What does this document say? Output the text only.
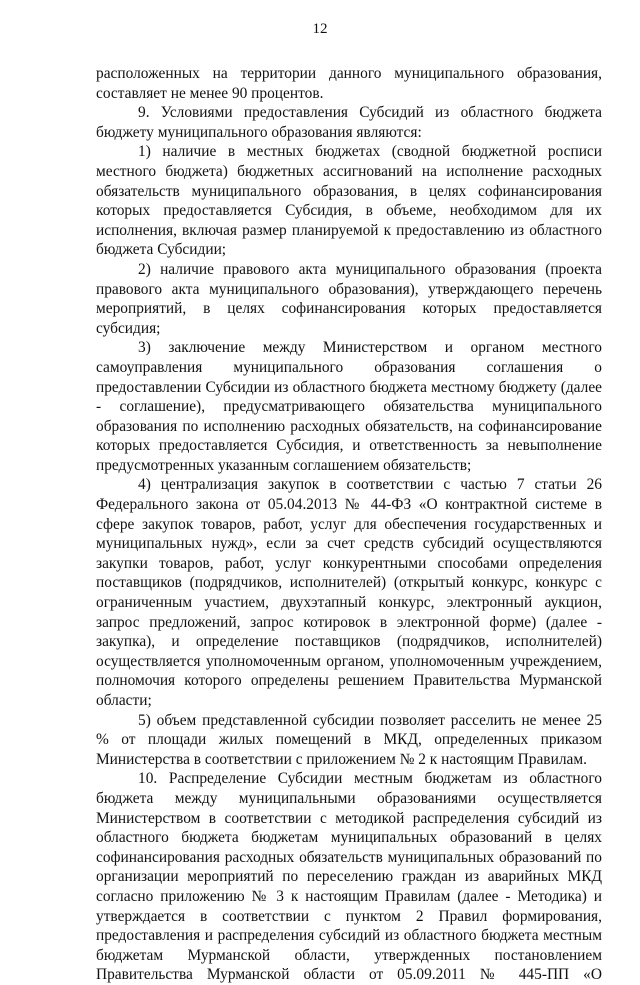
12

расположенных на территории данного муниципального образования, составляет не менее 90 процентов.

9. Условиями предоставления Субсидий из областного бюджета бюджету муниципального образования являются:

1) наличие в местных бюджетах (сводной бюджетной росписи местного бюджета) бюджетных ассигнований на исполнение расходных обязательств муниципального образования, в целях софинансирования которых предоставляется Субсидия, в объеме, необходимом для их исполнения, включая размер планируемой к предоставлению из областного бюджета Субсидии;

2) наличие правового акта муниципального образования (проекта правового акта муниципального образования), утверждающего перечень мероприятий, в целях софинансирования которых предоставляется субсидия;

3) заключение между Министерством и органом местного самоуправления муниципального образования соглашения о предоставлении Субсидии из областного бюджета местному бюджету (далее - соглашение), предусматривающего обязательства муниципального образования по исполнению расходных обязательств, на софинансирование которых предоставляется Субсидия, и ответственность за невыполнение предусмотренных указанным соглашением обязательств;

4) централизация закупок в соответствии с частью 7 статьи 26 Федерального закона от 05.04.2013 № 44-ФЗ «О контрактной системе в сфере закупок товаров, работ, услуг для обеспечения государственных и муниципальных нужд», если за счет средств субсидий осуществляются закупки товаров, работ, услуг конкурентными способами определения поставщиков (подрядчиков, исполнителей) (открытый конкурс, конкурс с ограниченным участием, двухэтапный конкурс, электронный аукцион, запрос предложений, запрос котировок в электронной форме) (далее - закупка), и определение поставщиков (подрядчиков, исполнителей) осуществляется уполномоченным органом, уполномоченным учреждением, полномочия которого определены решением Правительства Мурманской области;

5) объем представленной субсидии позволяет расселить не менее 25 % от площади жилых помещений в МКД, определенных приказом Министерства в соответствии с приложением № 2 к настоящим Правилам.

10. Распределение Субсидии местным бюджетам из областного бюджета между муниципальными образованиями осуществляется Министерством в соответствии с методикой распределения субсидий из областного бюджета бюджетам муниципальных образований в целях софинансирования расходных обязательств муниципальных образований по организации мероприятий по переселению граждан из аварийных МКД согласно приложению № 3 к настоящим Правилам (далее - Методика) и утверждается в соответствии с пунктом 2 Правил формирования, предоставления и распределения субсидий из областного бюджета местным бюджетам Мурманской области, утвержденных постановлением Правительства Мурманской области от 05.09.2011 № 445-ПП «О
